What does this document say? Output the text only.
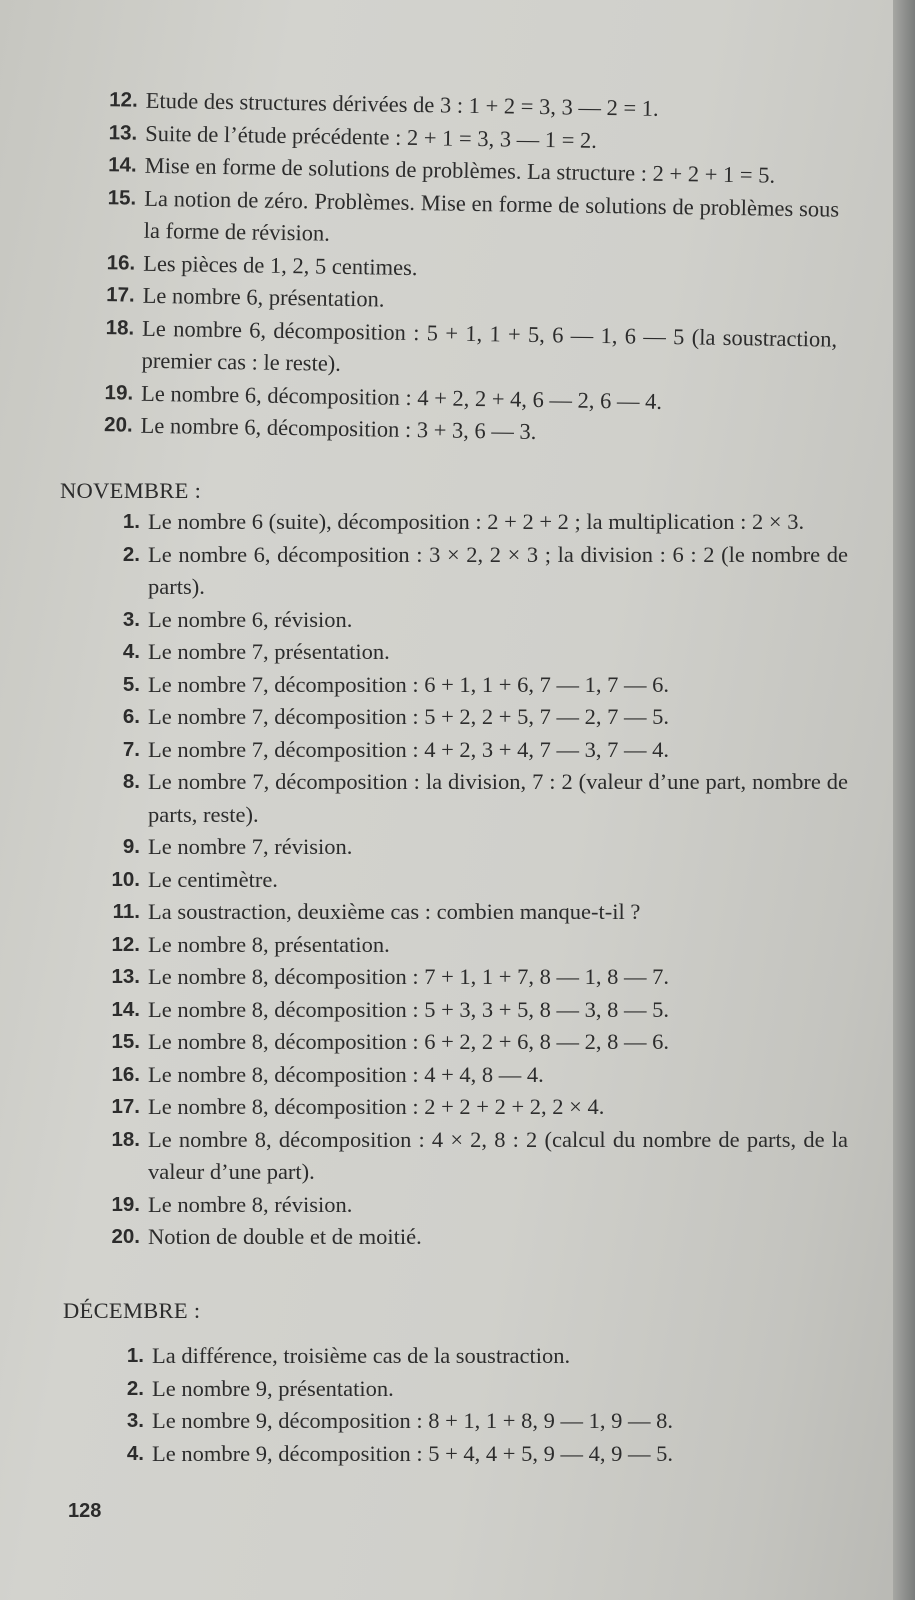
12. Etude des structures dérivées de 3 : 1 + 2 = 3, 3 — 2 = 1.
13. Suite de l’étude précédente : 2 + 1 = 3, 3 — 1 = 2.
14. Mise en forme de solutions de problèmes. La structure : 2 + 2 + 1 = 5.
15. La notion de zéro. Problèmes. Mise en forme de solutions de problèmes sous la forme de révision.
16. Les pièces de 1, 2, 5 centimes.
17. Le nombre 6, présentation.
18. Le nombre 6, décomposition : 5 + 1, 1 + 5, 6 — 1, 6 — 5 (la soustraction, premier cas : le reste).
19. Le nombre 6, décomposition : 4 + 2, 2 + 4, 6 — 2, 6 — 4.
20. Le nombre 6, décomposition : 3 + 3, 6 — 3.
NOVEMBRE :
1. Le nombre 6 (suite), décomposition : 2 + 2 + 2 ; la multiplication : 2 × 3.
2. Le nombre 6, décomposition : 3 × 2, 2 × 3 ; la division : 6 : 2 (le nombre de parts).
3. Le nombre 6, révision.
4. Le nombre 7, présentation.
5. Le nombre 7, décomposition : 6 + 1, 1 + 6, 7 — 1, 7 — 6.
6. Le nombre 7, décomposition : 5 + 2, 2 + 5, 7 — 2, 7 — 5.
7. Le nombre 7, décomposition : 4 + 2, 3 + 4, 7 — 3, 7 — 4.
8. Le nombre 7, décomposition : la division, 7 : 2 (valeur d’une part, nombre de parts, reste).
9. Le nombre 7, révision.
10. Le centimètre.
11. La soustraction, deuxième cas : combien manque-t-il ?
12. Le nombre 8, présentation.
13. Le nombre 8, décomposition : 7 + 1, 1 + 7, 8 — 1, 8 — 7.
14. Le nombre 8, décomposition : 5 + 3, 3 + 5, 8 — 3, 8 — 5.
15. Le nombre 8, décomposition : 6 + 2, 2 + 6, 8 — 2, 8 — 6.
16. Le nombre 8, décomposition : 4 + 4, 8 — 4.
17. Le nombre 8, décomposition : 2 + 2 + 2 + 2, 2 × 4.
18. Le nombre 8, décomposition : 4 × 2, 8 : 2 (calcul du nombre de parts, de la valeur d’une part).
19. Le nombre 8, révision.
20. Notion de double et de moitié.
DÉCEMBRE :
1. La différence, troisième cas de la soustraction.
2. Le nombre 9, présentation.
3. Le nombre 9, décomposition : 8 + 1, 1 + 8, 9 — 1, 9 — 8.
4. Le nombre 9, décomposition : 5 + 4, 4 + 5, 9 — 4, 9 — 5.
128
